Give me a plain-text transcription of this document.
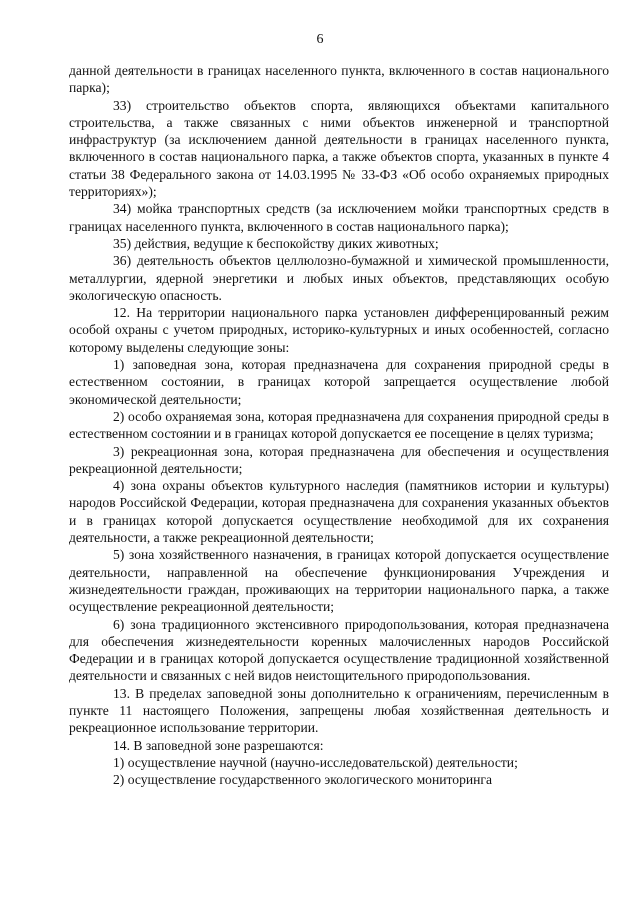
6

данной деятельности в границах населенного пункта, включенного в состав национального парка);

33) строительство объектов спорта, являющихся объектами капитального строительства, а также связанных с ними объектов инженерной и транспортной инфраструктур (за исключением данной деятельности в границах населенного пункта, включенного в состав национального парка, а также объектов спорта, указанных в пункте 4 статьи 38 Федерального закона от 14.03.1995 № 33-ФЗ «Об особо охраняемых природных территориях»);

34) мойка транспортных средств (за исключением мойки транспортных средств в границах населенного пункта, включенного в состав национального парка);

35) действия, ведущие к беспокойству диких животных;

36) деятельность объектов целлюлозно-бумажной и химической промышленности, металлургии, ядерной энергетики и любых иных объектов, представляющих особую экологическую опасность.

12. На территории национального парка установлен дифференцированный режим особой охраны с учетом природных, историко-культурных и иных особенностей, согласно которому выделены следующие зоны:

1) заповедная зона, которая предназначена для сохранения природной среды в естественном состоянии, в границах которой запрещается осуществление любой экономической деятельности;

2) особо охраняемая зона, которая предназначена для сохранения природной среды в естественном состоянии и в границах которой допускается ее посещение в целях туризма;

3) рекреационная зона, которая предназначена для обеспечения и осуществления рекреационной деятельности;

4) зона охраны объектов культурного наследия (памятников истории и культуры) народов Российской Федерации, которая предназначена для сохранения указанных объектов и в границах которой допускается осуществление необходимой для их сохранения деятельности, а также рекреационной деятельности;

5) зона хозяйственного назначения, в границах которой допускается осуществление деятельности, направленной на обеспечение функционирования Учреждения и жизнедеятельности граждан, проживающих на территории национального парка, а также осуществление рекреационной деятельности;

6) зона традиционного экстенсивного природопользования, которая предназначена для обеспечения жизнедеятельности коренных малочисленных народов Российской Федерации и в границах которой допускается осуществление традиционной хозяйственной деятельности и связанных с ней видов неистощительного природопользования.

13. В пределах заповедной зоны дополнительно к ограничениям, перечисленным в пункте 11 настоящего Положения, запрещены любая хозяйственная деятельность и рекреационное использование территории.

14. В заповедной зоне разрешаются:

1) осуществление научной (научно-исследовательской) деятельности;

2) осуществление государственного экологического мониторинга
